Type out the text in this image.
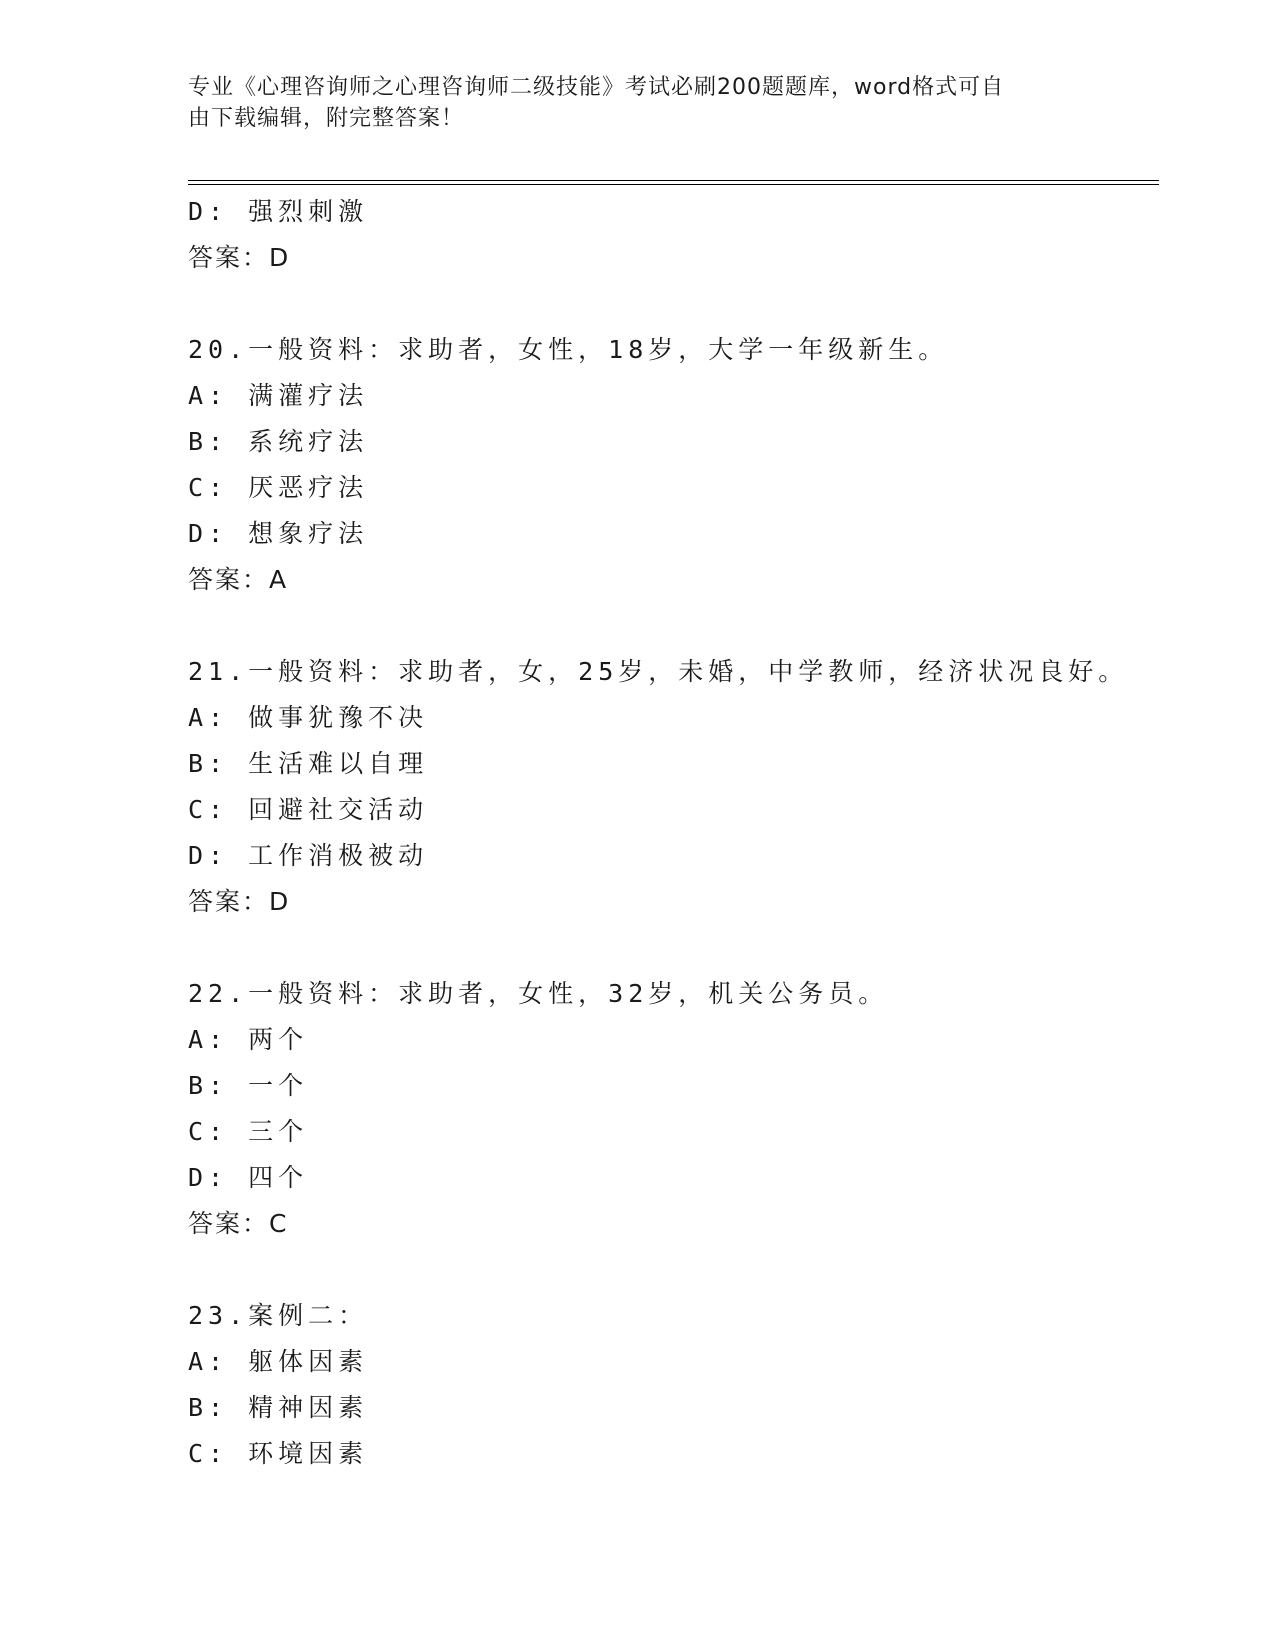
专业《心理咨询师之心理咨询师二级技能》考试必刷200题题库，word格式可自
由下载编辑，附完整答案！
D: 强烈刺激
答案：D
20.一般资料：求助者，女性，18岁，大学一年级新生。
A: 满灌疗法
B: 系统疗法
C: 厌恶疗法
D: 想象疗法
答案：A
21.一般资料：求助者，女，25岁，未婚，中学教师，经济状况良好。
A: 做事犹豫不决
B: 生活难以自理
C: 回避社交活动
D: 工作消极被动
答案：D
22.一般资料：求助者，女性，32岁，机关公务员。
A: 两个
B: 一个
C: 三个
D: 四个
答案：C
23.案例二：
A: 躯体因素
B: 精神因素
C: 环境因素
